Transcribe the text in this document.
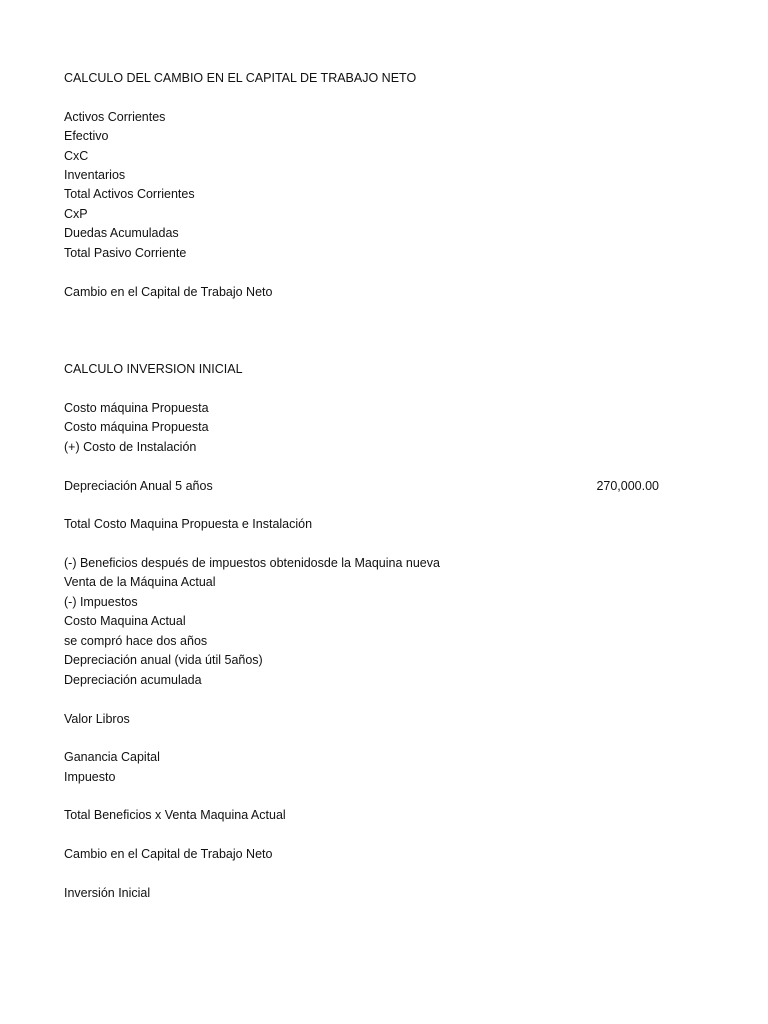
CALCULO DEL CAMBIO EN EL CAPITAL DE TRABAJO NETO
Activos Corrientes
Efectivo
CxC
Inventarios
Total Activos Corrientes
CxP
Duedas Acumuladas
Total Pasivo Corriente
Cambio en el Capital de Trabajo Neto
CALCULO INVERSION INICIAL
Costo máquina Propuesta
Costo máquina Propuesta
(+) Costo de Instalación
Depreciación Anual 5 años	270,000.00
Total Costo Maquina Propuesta e Instalación
(-) Beneficios después de impuestos obtenidosde la Maquina nueva
Venta de la Máquina Actual
(-) Impuestos
Costo Maquina Actual
se compró hace dos años
Depreciación anual (vida útil 5años)
Depreciación acumulada
Valor Libros
Ganancia Capital
Impuesto
Total Beneficios x Venta Maquina Actual
Cambio en el Capital de Trabajo Neto
Inversión Inicial
